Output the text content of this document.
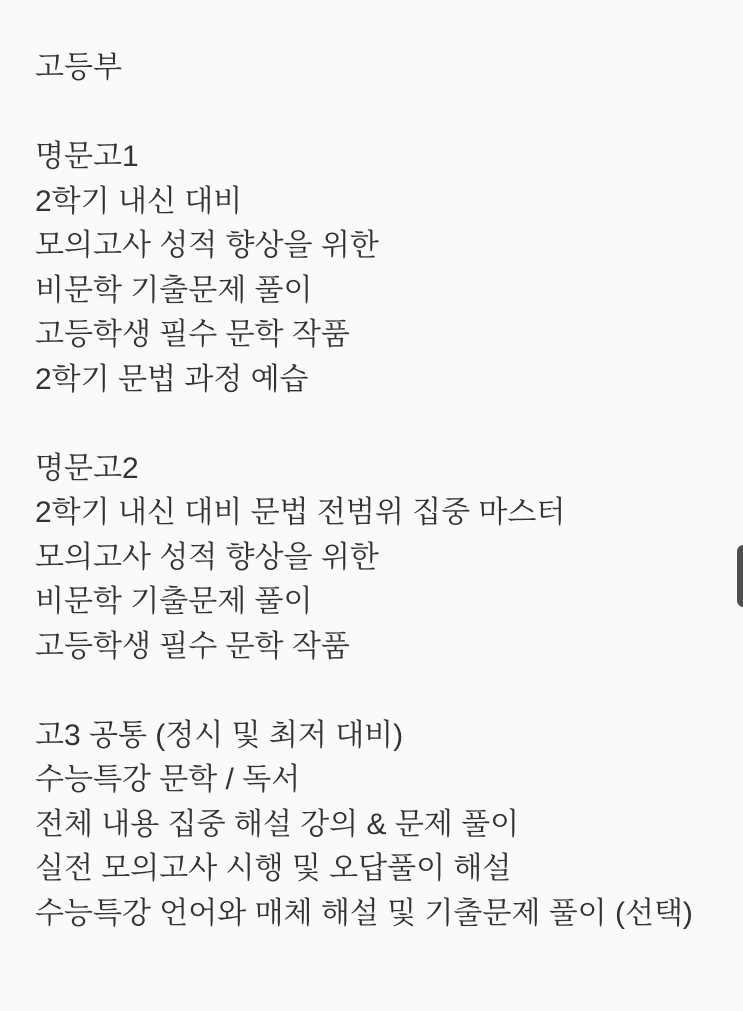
고등부

명문고1

2학기 내신 대비

모의고사 성적 향상을 위한

비문학 기출문제 풀이

고등학생 필수 문학 작품

2학기 문법 과정 예습

명문고2

2학기 내신 대비 문법 전범위 집중 마스터

모의고사 성적 향상을 위한

비문학 기출문제 풀이

고등학생 필수 문학 작품

고3 공통 (정시 및 최저 대비)

수능특강 문학 / 독서

전체 내용 집중 해설 강의 & 문제 풀이

실전 모의고사 시행 및 오답풀이 해설

수능특강 언어와 매체 해설 및 기출문제 풀이 (선택)
